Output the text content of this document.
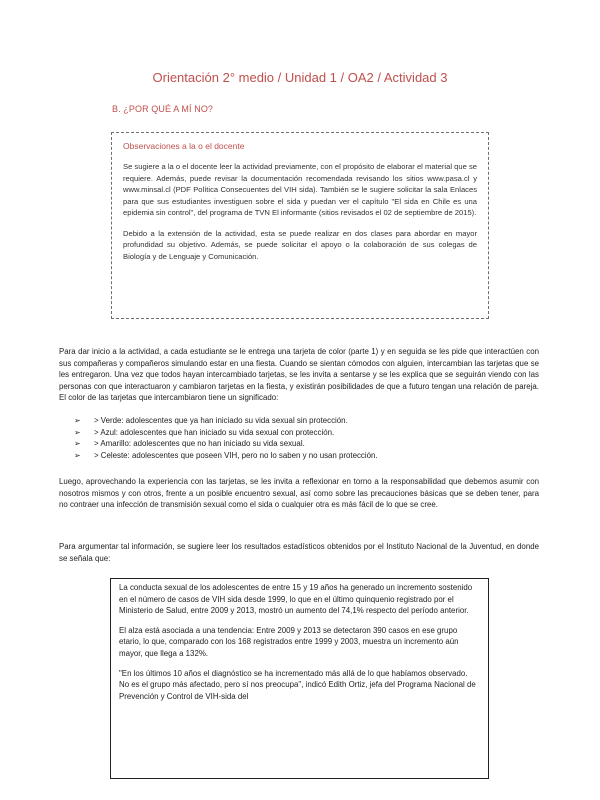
Orientación 2° medio / Unidad 1 / OA2 / Actividad 3
B. ¿POR QUÉ A MÍ NO?
Observaciones a la o el docente

Se sugiere a la o el docente leer la actividad previamente, con el propósito de elaborar el material que se requiere. Además, puede revisar la documentación recomendada revisando los sitios www.pasa.cl y www.minsal.cl (PDF Política Consecuentes del VIH sida). También se le sugiere solicitar la sala Enlaces para que sus estudiantes investiguen sobre el sida y puedan ver el capítulo "El sida en Chile es una epidemia sin control", del programa de TVN El informante (sitios revisados el 02 de septiembre de 2015).

Debido a la extensión de la actividad, esta se puede realizar en dos clases para abordar en mayor profundidad su objetivo. Además, se puede solicitar el apoyo o la colaboración de sus colegas de Biología y de Lenguaje y Comunicación.

Para dar inicio a la actividad, a cada estudiante se le entrega una tarjeta de color (parte 1) y en seguida se les pide que interactúen con sus compañeras y compañeros simulando estar en una fiesta. Cuando se sientan cómodos con alguien, intercambian las tarjetas que se les entregaron. Una vez que todos hayan intercambiado tarjetas, se les invita a sentarse y se les explica que se seguirán viendo con las personas con que interactuaron y cambiaron tarjetas en la fiesta, y existirán posibilidades de que a futuro tengan una relación de pareja. El color de las tarjetas que intercambiaron tiene un significado:
➢ > Verde: adolescentes que ya han iniciado su vida sexual sin protección.
➢ > Azul: adolescentes que han iniciado su vida sexual con protección.
➢ > Amarillo: adolescentes que no han iniciado su vida sexual.
➢ > Celeste: adolescentes que poseen VIH, pero no lo saben y no usan protección.
Luego, aprovechando la experiencia con las tarjetas, se les invita a reflexionar en torno a la responsabilidad que debemos asumir con nosotros mismos y con otros, frente a un posible encuentro sexual, así como sobre las precauciones básicas que se deben tener, para no contraer una infección de transmisión sexual como el sida o cualquier otra es más fácil de lo que se cree.
Para argumentar tal información, se sugiere leer los resultados estadísticos obtenidos por el Instituto Nacional de la Juventud, en donde se señala que:

La conducta sexual de los adolescentes de entre 15 y 19 años ha generado un incremento sostenido en el número de casos de VIH sida desde 1999, lo que en el último quinquenio registrado por el Ministerio de Salud, entre 2009 y 2013, mostró un aumento del 74,1% respecto del período anterior.

El alza está asociada a una tendencia: Entre 2009 y 2013 se detectaron 390 casos en ese grupo etario, lo que, comparado con los 168 registrados entre 1999 y 2003, muestra un incremento aún mayor, que llega a 132%.

"En los últimos 10 años el diagnóstico se ha incrementado más allá de lo que habíamos observado. No es el grupo más afectado, pero sí nos preocupa", indicó Edith Ortiz, jefa del Programa Nacional de Prevención y Control de VIH-sida del
